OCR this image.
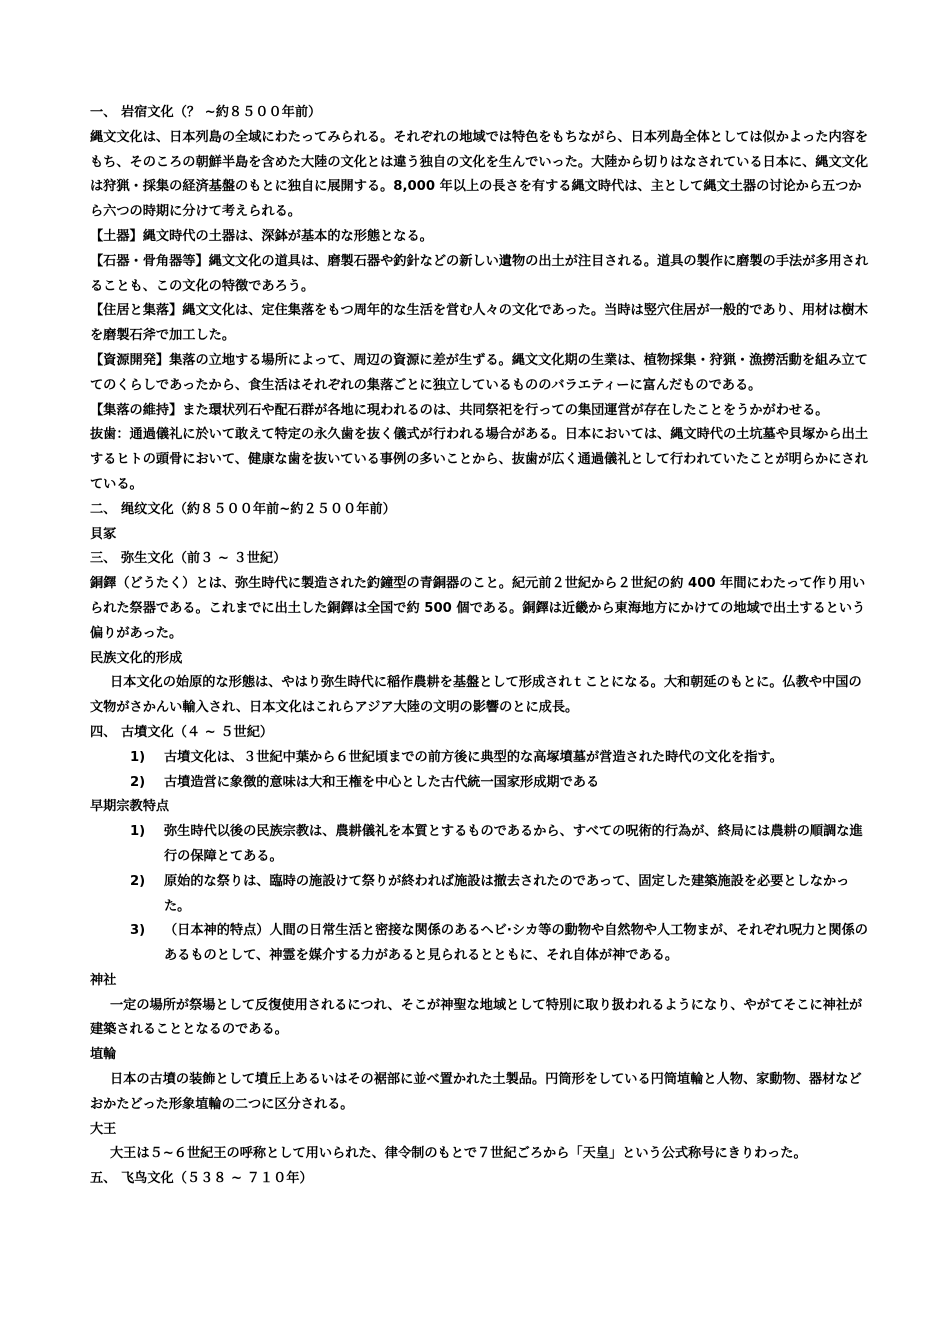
一、 岩宿文化（？ ~約８５００年前）

縄文文化は、日本列島の全域にわたってみられる。それぞれの地域では特色をもちながら、日本列島全体としては似かよった内容をもち、そのころの朝鮮半島を含めた大陸の文化とは違う独自の文化を生んでいった。大陸から切りはなされている日本に、縄文文化は狩猟・採集の経済基盤のもとに独自に展開する。8,000 年以上の長さを有する縄文時代は、主として縄文土器の讨论から五つから六つの時期に分けて考えられる。

【土器】縄文時代の土器は、深鉢が基本的な形態となる。

【石器・骨角器等】縄文文化の道具は、磨製石器や釣針などの新しい遺物の出土が注目される。道具の製作に磨製の手法が多用されることも、この文化の特徴であろう。

【住居と集落】縄文文化は、定住集落をもつ周年的な生活を営む人々の文化であった。当時は竪穴住居が一般的であり、用材は樹木を磨製石斧で加工した。

【資源開発】集落の立地する場所によって、周辺の資源に差が生ずる。縄文文化期の生業は、植物採集・狩猟・漁撈活動を組み立ててのくらしであったから、食生活はそれぞれの集落ごとに独立しているもののバラエティーに富んだものである。

【集落の維持】また環状列石や配石群が各地に現われるのは、共同祭祀を行っての集団運営が存在したことをうかがわせる。

抜歯：通過儀礼に於いて敢えて特定の永久歯を抜く儀式が行われる場合がある。日本においては、縄文時代の土坑墓や貝塚から出土するヒトの頭骨において、健康な歯を抜いている事例の多いことから、抜歯が広く通過儀礼として行われていたことが明らかにされている。

二、 绳纹文化（約８５００年前~約２５００年前）

貝冢

三、 弥生文化（前３ ~ ３世紀）

銅鐸（どうたく）とは、弥生時代に製造された釣鐘型の青銅器のこと。紀元前２世紀から２世紀の約 400 年間にわたって作り用いられた祭器である。これまでに出土した銅鐸は全国で約 500 個である。銅鐸は近畿から東海地方にかけての地域で出土するという偏りがあった。

民族文化的形成

日本文化の始原的な形態は、やはり弥生時代に稲作農耕を基盤として形成されｔことになる。大和朝延のもとに。仏教や中国の文物がさかんい輸入され、日本文化はこれらアジア大陸の文明の影響のとに成長。

四、 古墳文化（４ ~ ５世紀）

1) 古墳文化は、３世紀中葉から６世紀頃までの前方後に典型的な高塚墳墓が営造された時代の文化を指す。

2) 古墳造営に象徴的意味は大和王権を中心とした古代統一国家形成期である

早期宗教特点

1) 弥生時代以後の民族宗教は、農耕儀礼を本質とするものであるから、すべての呪術的行為が、終局には農耕の順調な進行の保障とてある。

2) 原始的な祭りは、臨時の施設けて祭りが終われば施設は撤去されたのであって、固定した建築施設を必要としなかった。

3) （日本神的特点）人間の日常生活と密接な関係のあるヘビ·シカ等の動物や自然物や人工物まが、それぞれ呪力と関係のあるものとして、神霊を媒介する力があると見られるとともに、それ自体が神である。

神社

一定の場所が祭場として反復使用されるにつれ、そこが神聖な地域として特別に取り扱われるようになり、やがてそこに神社が建築されることとなるのである。

埴輪

日本の古墳の装飾として墳丘上あるいはその裾部に並べ置かれた土製品。円筒形をしている円筒埴輪と人物、家動物、器材などおかたどった形象埴輪の二つに区分される。

大王

大王は５~６世紀王の呼称として用いられた、律令制のもとで７世紀ごろから「天皇」という公式称号にきりわった。

五、 飞鸟文化（５３８ ~ ７１０年）
